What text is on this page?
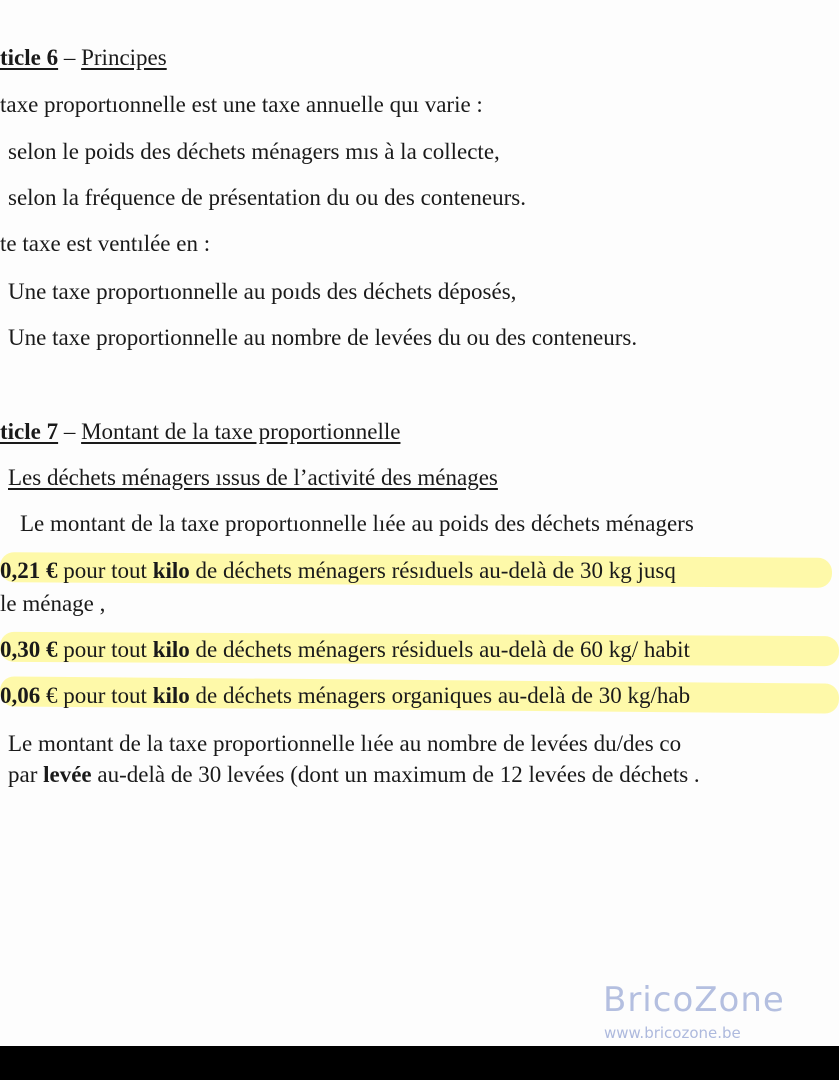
ticle 6 – Principes
taxe proportıonnelle est une taxe annuelle quı varie :
selon le poids des déchets ménagers mıs à la collecte,
selon la fréquence de présentation du ou des conteneurs.
te taxe est ventılée en :
Une taxe proportıonnelle au poıds des déchets déposés,
Une taxe proportionnelle au nombre de levées du ou des conteneurs.
ticle 7 – Montant de la taxe proportionnelle
Les déchets ménagers ıssus de l’activité des ménages
Le montant de la taxe proportıonnelle lıée au poids des déchets ménagers
0,21 € pour tout kilo de déchets ménagers résıduels au-delà de 30 kg jusq
le ménage ,
0,30 € pour tout kilo de déchets ménagers résiduels au-delà de 60 kg/ habit
0,06 € pour tout kilo de déchets ménagers organiques au-delà de 30 kg/hab
Le montant de la taxe proportionnelle lıée au nombre de levées du/des co
par levée au-delà de 30 levées (dont un maximum de 12 levées de déchets .
BricoZone
www.bricozone.be
